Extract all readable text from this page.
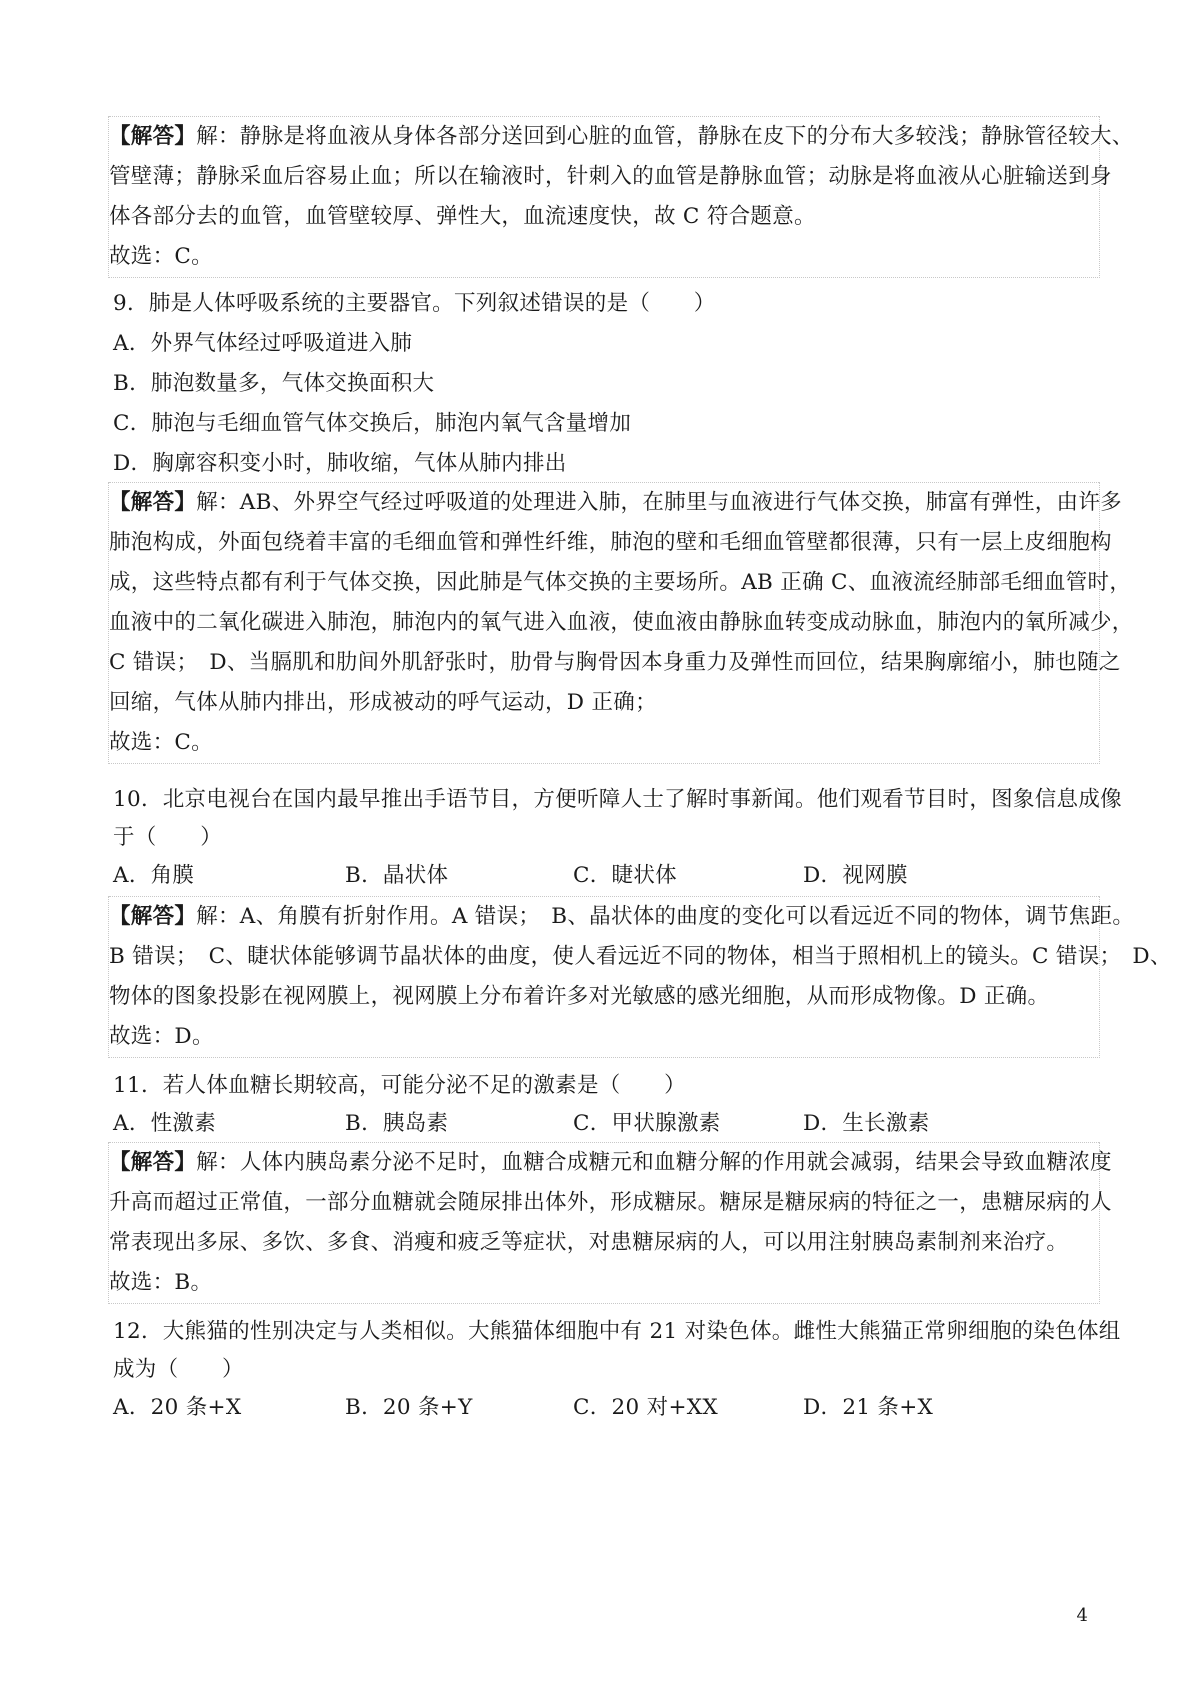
【解答】解：静脉是将血液从身体各部分送回到心脏的血管，静脉在皮下的分布大多较浅；静脉管径较大、
管壁薄；静脉采血后容易止血；所以在输液时，针刺入的血管是静脉血管；动脉是将血液从心脏输送到身
体各部分去的血管，血管壁较厚、弹性大，血流速度快，故 C 符合题意。
故选：C。
9．肺是人体呼吸系统的主要器官。下列叙述错误的是（　　）
A．外界气体经过呼吸道进入肺
B．肺泡数量多，气体交换面积大
C．肺泡与毛细血管气体交换后，肺泡内氧气含量增加
D．胸廓容积变小时，肺收缩，气体从肺内排出
【解答】解：AB、外界空气经过呼吸道的处理进入肺，在肺里与血液进行气体交换，肺富有弹性，由许多
肺泡构成，外面包绕着丰富的毛细血管和弹性纤维，肺泡的壁和毛细血管壁都很薄，只有一层上皮细胞构
成，这些特点都有利于气体交换，因此肺是气体交换的主要场所。AB 正确 C、血液流经肺部毛细血管时，
血液中的二氧化碳进入肺泡，肺泡内的氧气进入血液，使血液由静脉血转变成动脉血，肺泡内的氧所减少，
C 错误；　D、当膈肌和肋间外肌舒张时，肋骨与胸骨因本身重力及弹性而回位，结果胸廓缩小，肺也随之
回缩，气体从肺内排出，形成被动的呼气运动，D 正确；
故选：C。
10．北京电视台在国内最早推出手语节目，方便听障人士了解时事新闻。他们观看节目时，图象信息成像
于（　　）
A．角膜	B．晶状体	C．睫状体	D．视网膜
【解答】解：A、角膜有折射作用。A 错误；　B、晶状体的曲度的变化可以看远近不同的物体，调节焦距。
B 错误；　C、睫状体能够调节晶状体的曲度，使人看远近不同的物体，相当于照相机上的镜头。C 错误；　D、
物体的图象投影在视网膜上，视网膜上分布着许多对光敏感的感光细胞，从而形成物像。D 正确。
故选：D。
11．若人体血糖长期较高，可能分泌不足的激素是（　　）
A．性激素	B．胰岛素	C．甲状腺激素	D．生长激素
【解答】解：人体内胰岛素分泌不足时，血糖合成糖元和血糖分解的作用就会减弱，结果会导致血糖浓度
升高而超过正常值，一部分血糖就会随尿排出体外，形成糖尿。糖尿是糖尿病的特征之一，患糖尿病的人
常表现出多尿、多饮、多食、消瘦和疲乏等症状，对患糖尿病的人，可以用注射胰岛素制剂来治疗。
故选：B。
12．大熊猫的性别决定与人类相似。大熊猫体细胞中有 21 对染色体。雌性大熊猫正常卵细胞的染色体组
成为（　　）
A．20 条+X	B．20 条+Y	C．20 对+XX	D．21 条+X
4
